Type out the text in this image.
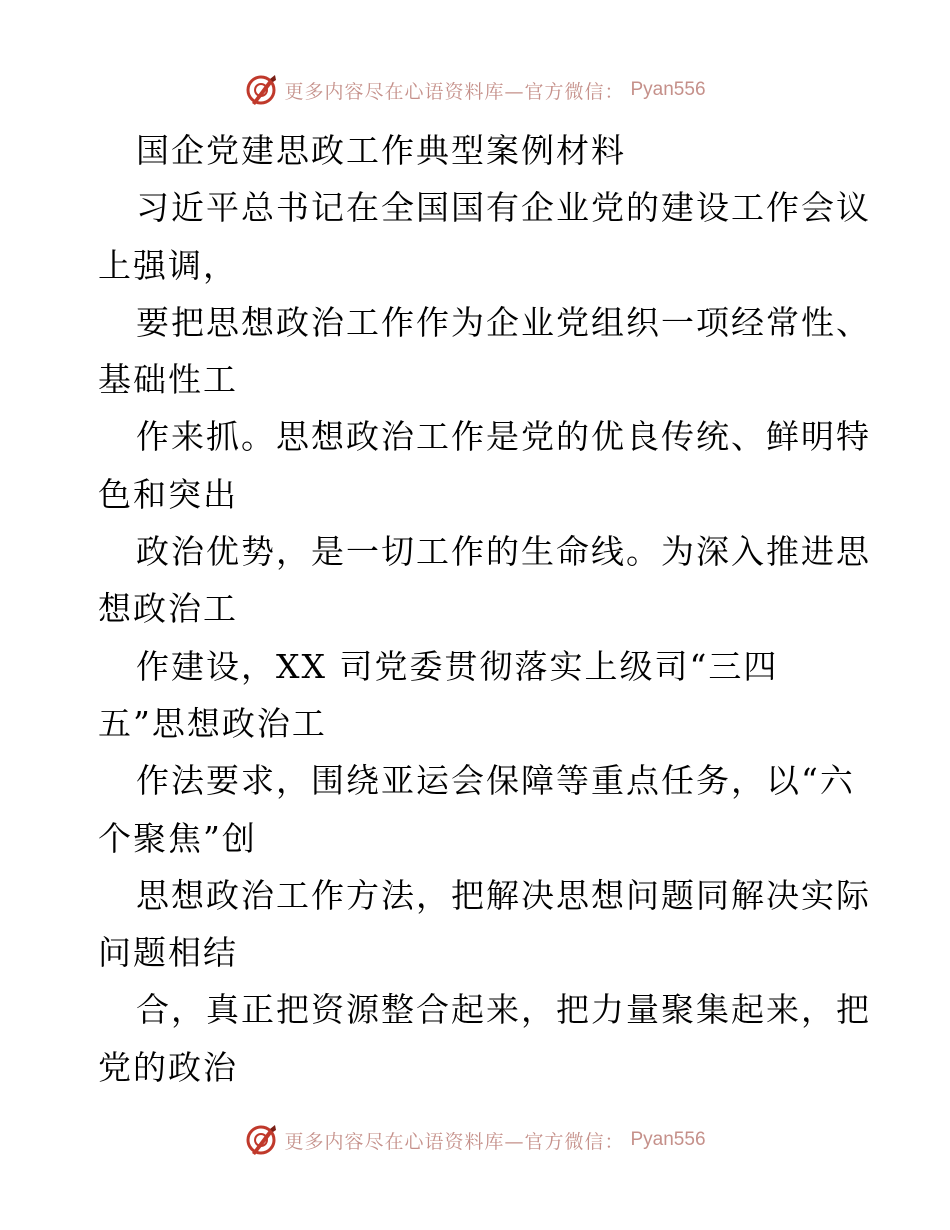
更多内容尽在心语资料库—官方微信： Pyan556
国企党建思政工作典型案例材料
习近平总书记在全国国有企业党的建设工作会议
上强调，
要把思想政治工作作为企业党组织一项经常性、
基础性工
作来抓。思想政治工作是党的优良传统、鲜明特
色和突出
政治优势，是一切工作的生命线。为深入推进思
想政治工
作建设，XX 司党委贯彻落实上级司“三四
五”思想政治工
作法要求，围绕亚运会保障等重点任务，以“六
个聚焦”创
思想政治工作方法，把解决思想问题同解决实际
问题相结
合，真正把资源整合起来，把力量聚集起来，把
党的政治
更多内容尽在心语资料库—官方微信： Pyan556
